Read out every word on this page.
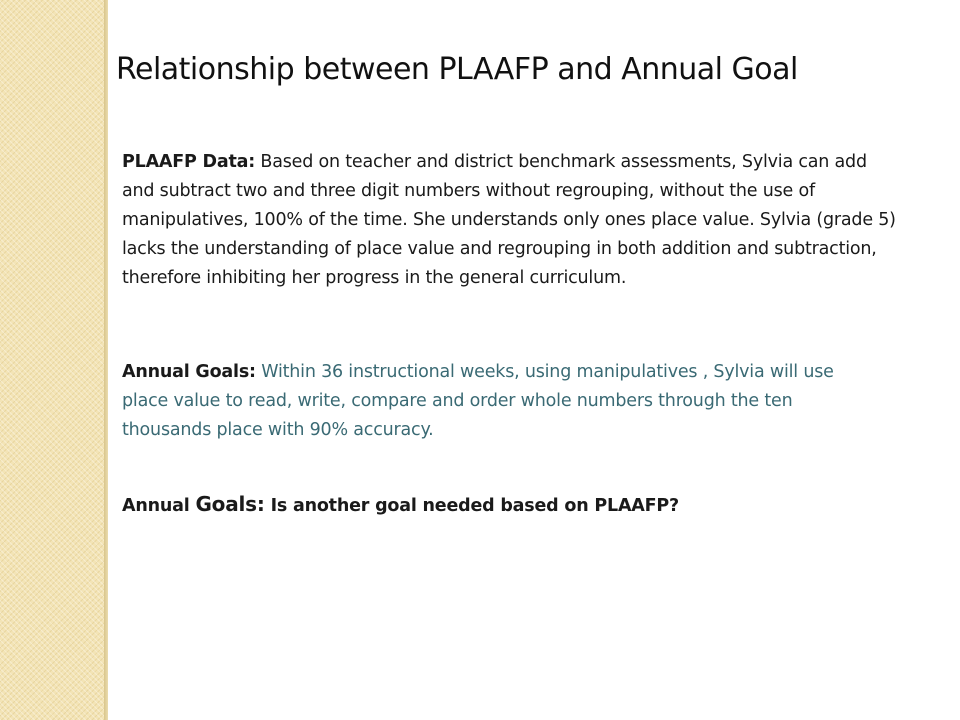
Relationship between PLAAFP and Annual Goal

PLAAFP Data: Based on teacher and district benchmark assessments, Sylvia can add and subtract two and three digit numbers without regrouping, without the use of manipulatives, 100% of the time. She understands only ones place value. Sylvia (grade 5) lacks the understanding of place value and regrouping in both addition and subtraction, therefore inhibiting her progress in the general curriculum.

Annual Goals: Within 36 instructional weeks, using manipulatives , Sylvia will use place value to read, write, compare and order whole numbers through the ten thousands place with 90% accuracy.

Annual Goals: Is another goal needed based on PLAAFP?
